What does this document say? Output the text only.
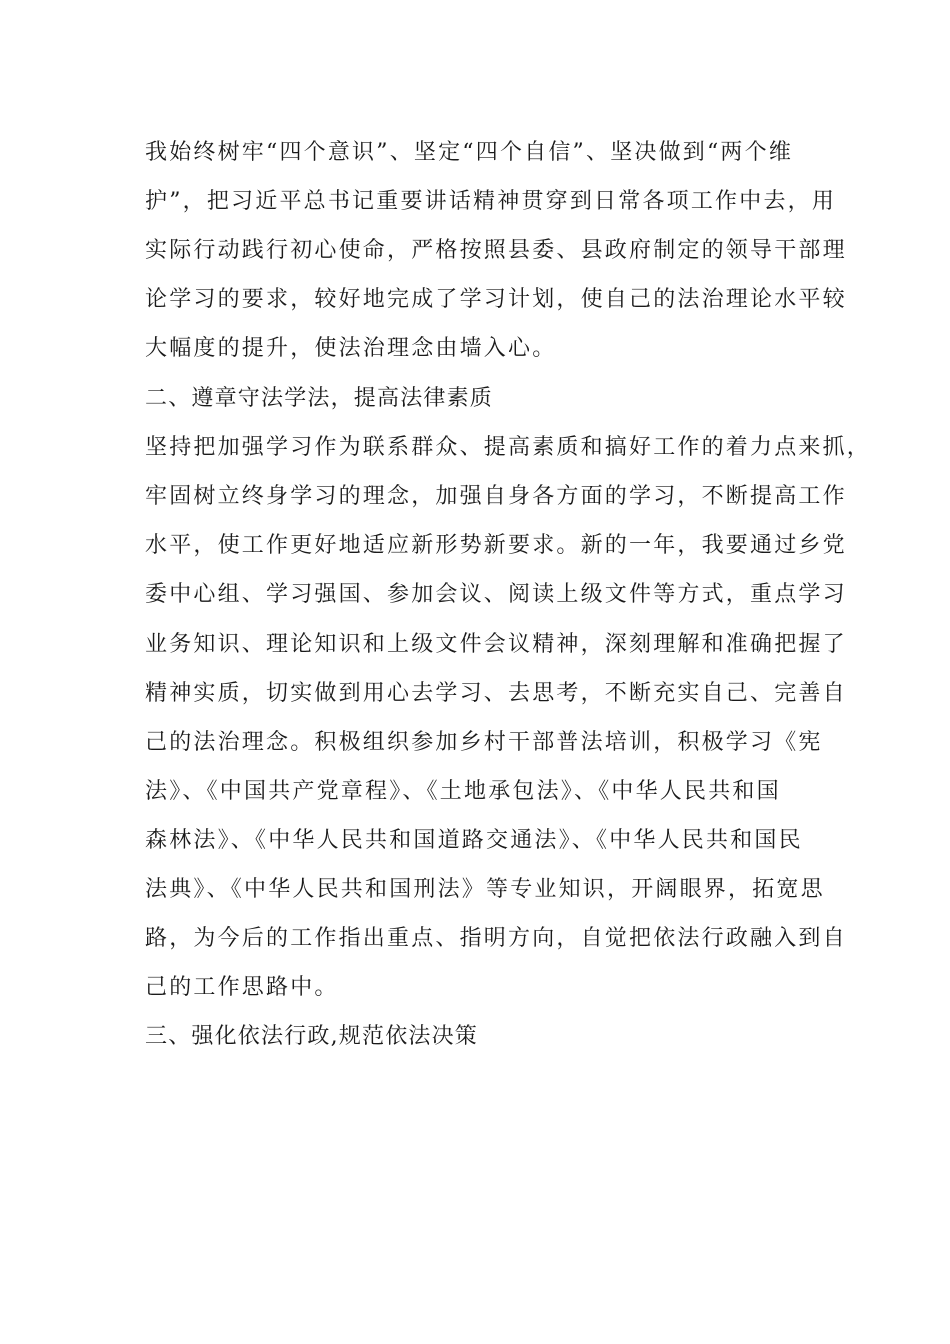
我始终树牢“四个意识”、坚定“四个自信”、坚决做到“两个维
护”，把习近平总书记重要讲话精神贯穿到日常各项工作中去，用
实际行动践行初心使命，严格按照县委、县政府制定的领导干部理
论学习的要求，较好地完成了学习计划，使自己的法治理论水平较
大幅度的提升，使法治理念由墙入心。
二、遵章守法学法，提高法律素质
坚持把加强学习作为联系群众、提高素质和搞好工作的着力点来抓，
牢固树立终身学习的理念，加强自身各方面的学习，不断提高工作
水平，使工作更好地适应新形势新要求。新的一年，我要通过乡党
委中心组、学习强国、参加会议、阅读上级文件等方式，重点学习
业务知识、理论知识和上级文件会议精神，深刻理解和准确把握了
精神实质，切实做到用心去学习、去思考，不断充实自己、完善自
己的法治理念。积极组织参加乡村干部普法培训，积极学习《宪
法》、《中国共产党章程》、《土地承包法》、《中华人民共和国
森林法》、《中华人民共和国道路交通法》、《中华人民共和国民
法典》、《中华人民共和国刑法》等专业知识，开阔眼界，拓宽思
路，为今后的工作指出重点、指明方向，自觉把依法行政融入到自
己的工作思路中。
三、强化依法行政,规范依法决策
